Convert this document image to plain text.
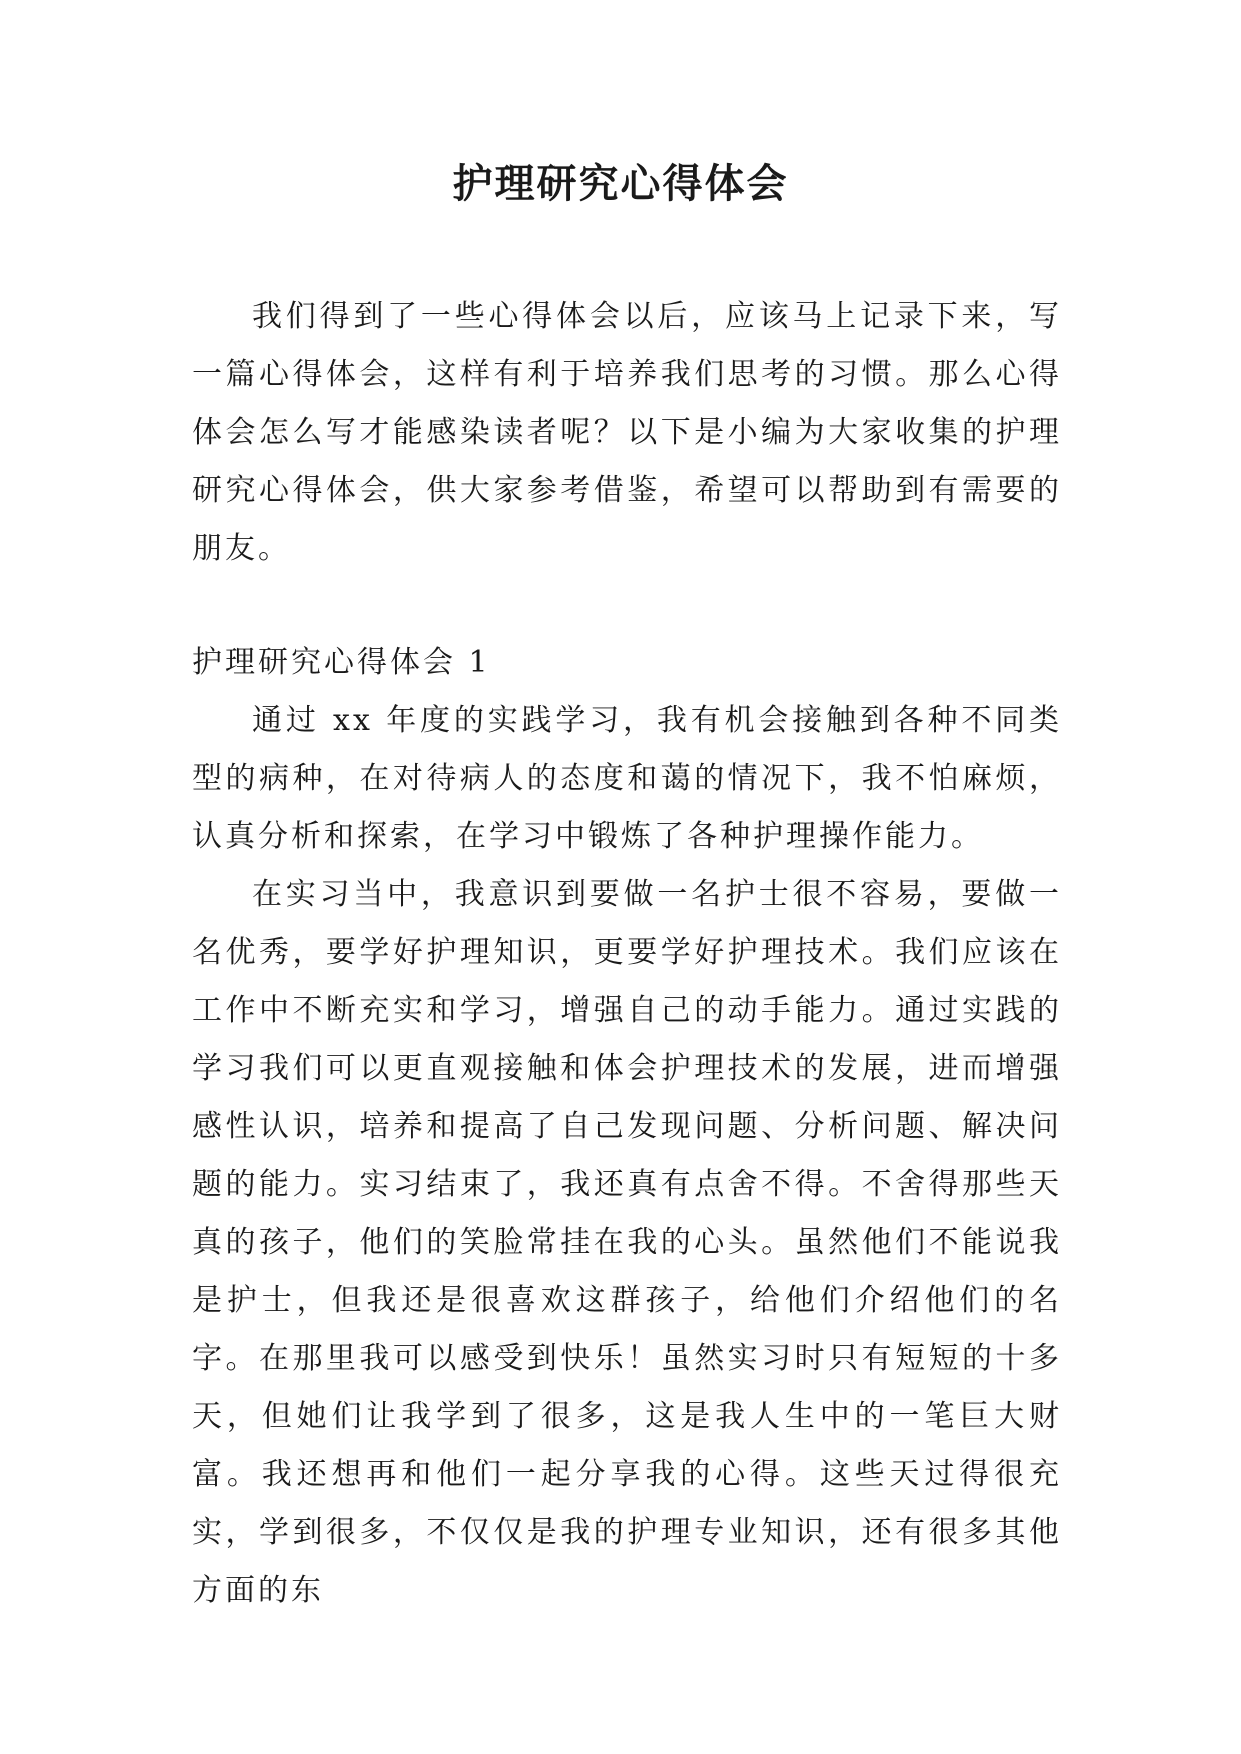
护理研究心得体会

我们得到了一些心得体会以后，应该马上记录下来，写一篇心得体会，这样有利于培养我们思考的习惯。那么心得体会怎么写才能感染读者呢？以下是小编为大家收集的护理研究心得体会，供大家参考借鉴，希望可以帮助到有需要的朋友。

护理研究心得体会 1

通过 xx 年度的实践学习，我有机会接触到各种不同类型的病种，在对待病人的态度和蔼的情况下，我不怕麻烦，认真分析和探索，在学习中锻炼了各种护理操作能力。

在实习当中，我意识到要做一名护士很不容易，要做一名优秀，要学好护理知识，更要学好护理技术。我们应该在工作中不断充实和学习，增强自己的动手能力。通过实践的学习我们可以更直观接触和体会护理技术的发展，进而增强感性认识，培养和提高了自己发现问题、分析问题、解决问题的能力。实习结束了，我还真有点舍不得。不舍得那些天真的孩子，他们的笑脸常挂在我的心头。虽然他们不能说我是护士，但我还是很喜欢这群孩子，给他们介绍他们的名字。在那里我可以感受到快乐！虽然实习时只有短短的十多天，但她们让我学到了很多，这是我人生中的一笔巨大财富。我还想再和他们一起分享我的心得。这些天过得很充实，学到很多，不仅仅是我的护理专业知识，还有很多其他方面的东
